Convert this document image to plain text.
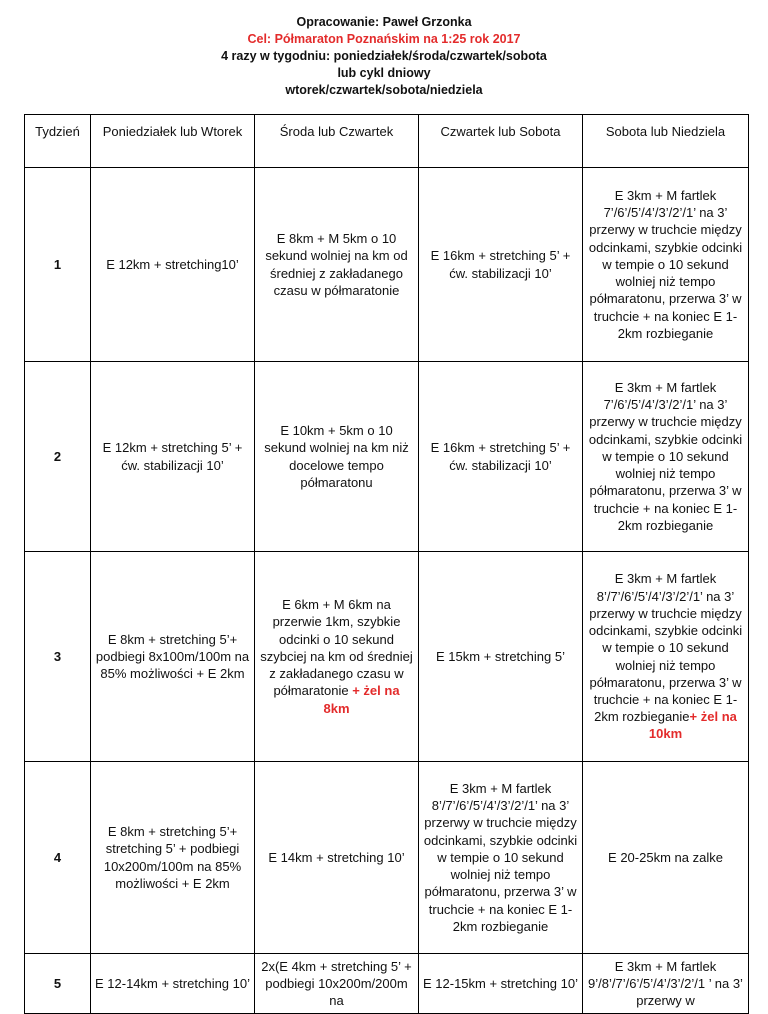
Opracowanie: Paweł Grzonka
Cel: Półmaraton Poznańskim na 1:25 rok 2017
4 razy w tygodniu: poniedziałek/środa/czwartek/sobota
lub cykl dniowy
wtorek/czwartek/sobota/niedziela
Tydzień	Poniedziałek lub Wtorek	Środa lub Czwartek	Czwartek lub Sobota	Sobota lub Niedziela
1	E 12km + stretching10’	E 8km + M 5km o 10 sekund wolniej na km od średniej z zakładanego czasu w półmaratonie	E 16km + stretching 5’ + ćw. stabilizacji 10’	E 3km + M fartlek 7’/6’/5’/4’/3’/2’/1’ na 3’ przerwy w truchcie między odcinkami, szybkie odcinki w tempie o 10 sekund wolniej niż tempo półmaratonu, przerwa 3’ w truchcie + na koniec E 1-2km rozbieganie
2	E 12km + stretching 5’ + ćw. stabilizacji 10’	E 10km + 5km o 10 sekund wolniej na km niż docelowe tempo półmaratonu	E 16km + stretching 5’ + ćw. stabilizacji 10’	E 3km + M fartlek 7’/6’/5’/4’/3’/2’/1’ na 3’ przerwy w truchcie między odcinkami, szybkie odcinki w tempie o 10 sekund wolniej niż tempo półmaratonu, przerwa 3’ w truchcie + na koniec E 1-2km rozbieganie
3	E 8km + stretching 5’+ podbiegi 8x100m/100m na 85% możliwości + E 2km	E 6km + M 6km na przerwie 1km, szybkie odcinki o 10 sekund szybciej na km od średniej z zakładanego czasu w półmaratonie + żel na 8km	E 15km + stretching 5’	E 3km + M fartlek 8’/7’/6’/5’/4’/3’/2’/1’ na 3’ przerwy w truchcie między odcinkami, szybkie odcinki w tempie o 10 sekund wolniej niż tempo półmaratonu, przerwa 3’ w truchcie + na koniec E 1-2km rozbieganie+ żel na 10km
4	E 8km + stretching 5’+ stretching 5’ + podbiegi 10x200m/100m na 85% możliwości + E 2km	E 14km + stretching 10’	E 3km + M fartlek 8’/7’/6’/5’/4’/3’/2’/1’ na 3’ przerwy w truchcie między odcinkami, szybkie odcinki w tempie o 10 sekund wolniej niż tempo półmaratonu, przerwa 3’ w truchcie + na koniec E 1-2km rozbieganie	E 20-25km na zalke
5	E 12-14km + stretching 10’	2x(E 4km + stretching 5’ + podbiegi 10x200m/200m na	E 12-15km + stretching 10’	E 3km + M fartlek 9’/8’/7’/6’/5’/4’/3’/2’/1 ’ na 3’ przerwy w
